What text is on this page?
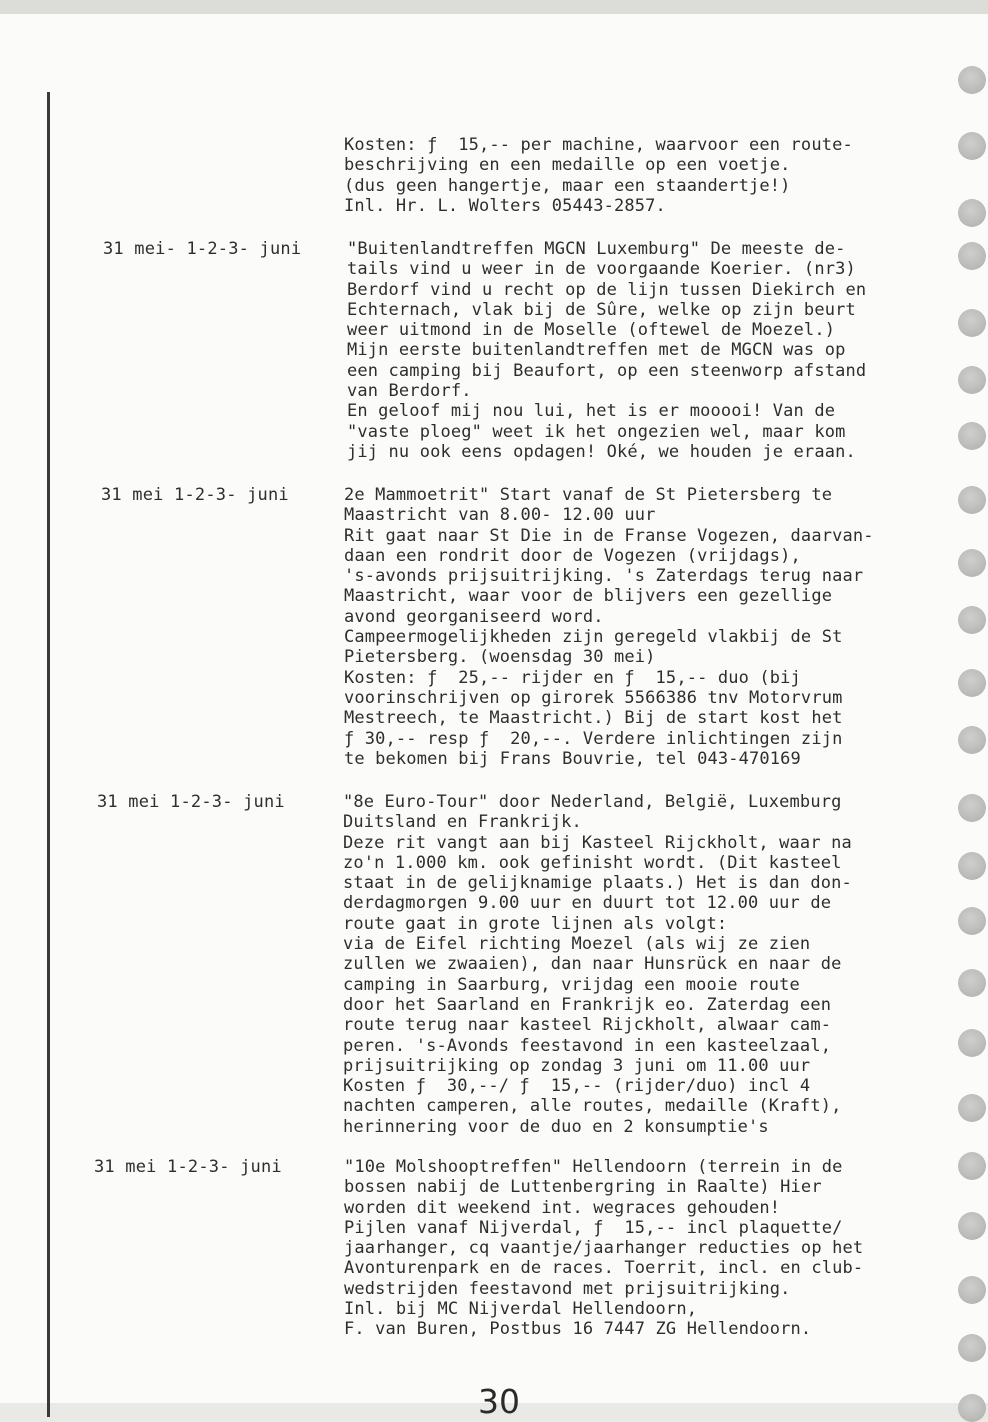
Kosten: ƒ  15,-- per machine, waarvoor een route-
beschrijving en een medaille op een voetje.
(dus geen hangertje, maar een staandertje!)
Inl. Hr. L. Wolters 05443-2857.
31 mei- 1-2-3- juni	"Buitenlandtreffen MGCN Luxemburg" De meeste de-
tails vind u weer in de voorgaande Koerier. (nr3)
Berdorf vind u recht op de lijn tussen Diekirch en
Echternach, vlak bij de Sûre, welke op zijn beurt
weer uitmond in de Moselle (oftewel de Moezel.)
Mijn eerste buitenlandtreffen met de MGCN was op
een camping bij Beaufort, op een steenworp afstand
van Berdorf.
En geloof mij nou lui, het is er mooooi! Van de
"vaste ploeg" weet ik het ongezien wel, maar kom
jij nu ook eens opdagen! Oké, we houden je eraan.
31 mei 1-2-3- juni	2e Mammoetrit" Start vanaf de St Pietersberg te
Maastricht van 8.00- 12.00 uur
Rit gaat naar St Die in de Franse Vogezen, daarvan-
daan een rondrit door de Vogezen (vrijdags),
's-avonds prijsuitrijking. 's Zaterdags terug naar
Maastricht, waar voor de blijvers een gezellige
avond georganiseerd word.
Campeermogelijkheden zijn geregeld vlakbij de St
Pietersberg. (woensdag 30 mei)
Kosten: ƒ  25,-- rijder en ƒ  15,-- duo (bij
voorinschrijven op girorek 5566386 tnv Motorvrum
Mestreech, te Maastricht.) Bij de start kost het
ƒ 30,-- resp ƒ  20,--. Verdere inlichtingen zijn
te bekomen bij Frans Bouvrie, tel 043-470169
31 mei 1-2-3- juni	"8e Euro-Tour" door Nederland, België, Luxemburg
Duitsland en Frankrijk.
Deze rit vangt aan bij Kasteel Rijckholt, waar na
zo'n 1.000 km. ook gefinisht wordt. (Dit kasteel
staat in de gelijknamige plaats.) Het is dan don-
derdagmorgen 9.00 uur en duurt tot 12.00 uur de
route gaat in grote lijnen als volgt:
via de Eifel richting Moezel (als wij ze zien
zullen we zwaaien), dan naar Hunsrück en naar de
camping in Saarburg, vrijdag een mooie route
door het Saarland en Frankrijk eo. Zaterdag een
route terug naar kasteel Rijckholt, alwaar cam-
peren. 's-Avonds feestavond in een kasteelzaal,
prijsuitrijking op zondag 3 juni om 11.00 uur
Kosten ƒ  30,--/ ƒ  15,-- (rijder/duo) incl 4
nachten camperen, alle routes, medaille (Kraft),
herinnering voor de duo en 2 konsumptie's
31 mei 1-2-3- juni	"10e Molshooptreffen" Hellendoorn (terrein in de
bossen nabij de Luttenbergring in Raalte) Hier
worden dit weekend int. wegraces gehouden!
Pijlen vanaf Nijverdal, ƒ  15,-- incl plaquette/
jaarhanger, cq vaantje/jaarhanger reducties op het
Avonturenpark en de races. Toerrit, incl. en club-
wedstrijden feestavond met prijsuitrijking.
Inl. bij MC Nijverdal Hellendoorn,
F. van Buren, Postbus 16 7447 ZG Hellendoorn.
30
